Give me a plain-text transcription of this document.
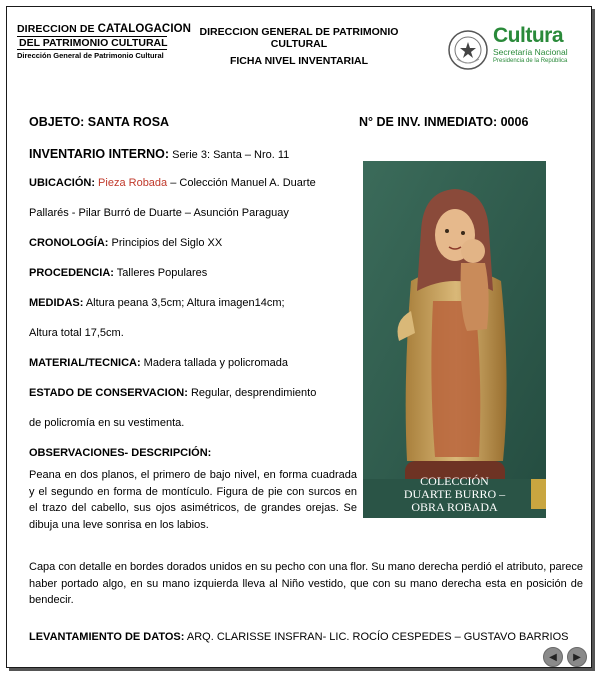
DIRECCION DE CATALOGACION
DEL PATRIMONIO CULTURAL
Dirección General de Patrimonio Cultural
DIRECCION GENERAL DE PATRIMONIO CULTURAL
FICHA NIVEL INVENTARIAL
Cultura
Secretaría Nacional
Presidencia de la República
OBJETO: SANTA ROSA	N° DE INV. INMEDIATO: 0006
INVENTARIO INTERNO: Serie 3: Santa – Nro. 11
UBICACIÓN: Pieza Robada – Colección Manuel A. Duarte
Pallarés - Pilar Burró de Duarte – Asunción Paraguay
CRONOLOGÍA: Principios del Siglo XX
PROCEDENCIA: Talleres Populares
MEDIDAS: Altura peana 3,5cm; Altura imagen14cm;
Altura total 17,5cm.
MATERIAL/TECNICA: Madera tallada y policromada
ESTADO DE CONSERVACION: Regular, desprendimiento
de policromía en su vestimenta.
OBSERVACIONES- DESCRIPCIÓN:
Peana en dos planos, el primero de bajo nivel, en forma cuadrada y el segundo en forma de montículo. Figura de pie con surcos en el trazo del cabello, sus ojos asimétricos, de grandes orejas. Se dibuja una leve sonrisa en los labios.
Capa con detalle en bordes dorados unidos en su pecho con una flor. Su mano derecha perdió el atributo, parece haber portado algo, en su mano izquierda lleva al Niño vestido, que con su mano derecha esta en posición de bendecir.
LEVANTAMIENTO DE DATOS: ARQ. CLARISSE INSFRAN- LIC. ROCÍO CESPEDES – GUSTAVO BARRIOS
COLECCIÓN
DUARTE BURRO –
OBRA ROBADA
◀ ▶
